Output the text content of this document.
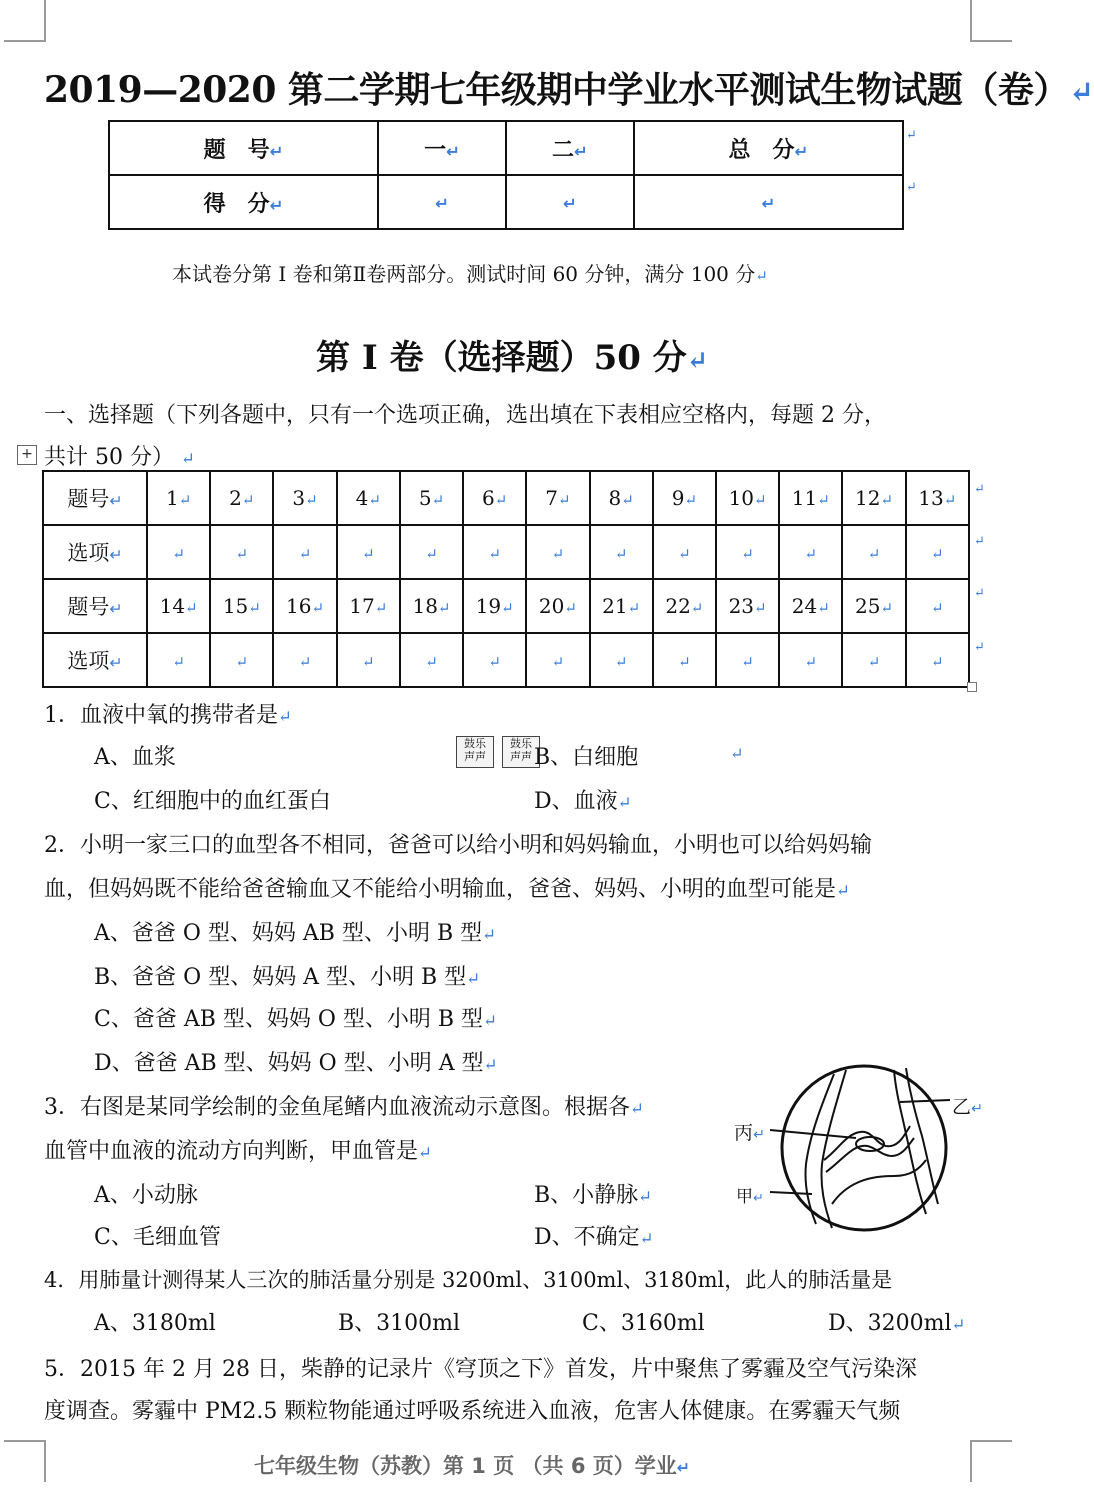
2019—2020 第二学期七年级期中学业水平测试生物试题（卷）↵
题　号↵	一↵	二↵	总　分↵
得　分↵	↵	↵	↵
↵
↵
本试卷分第 I 卷和第Ⅱ卷两部分。测试时间 60 分钟，满分 100 分↵
第 I 卷（选择题）50 分↵
一、选择题（下列各题中，只有一个选项正确，选出填在下表相应空格内，每题 2 分，
+ 共计 50 分） ↵
题号↵	1↵	2↵	3↵	4↵	5↵	6↵	7↵	8↵	9↵	10↵	11↵	12↵	13↵
选项↵	↵	↵	↵	↵	↵	↵	↵	↵	↵	↵	↵	↵	↵
题号↵	14↵	15↵	16↵	17↵	18↵	19↵	20↵	21↵	22↵	23↵	24↵	25↵	↵
选项↵	↵	↵	↵	↵	↵	↵	↵	↵	↵	↵	↵	↵	↵
↵
↵
↵
↵
1．血液中氧的携带者是↵
A、血浆
鼓乐
声声
鼓乐
声声 B、白细胞	↵
C、红细胞中的血红蛋白	D、血液↵
2．小明一家三口的血型各不相同，爸爸可以给小明和妈妈输血，小明也可以给妈妈输
血，但妈妈既不能给爸爸输血又不能给小明输血，爸爸、妈妈、小明的血型可能是↵
A、爸爸 O 型、妈妈 AB 型、小明 B 型↵
B、爸爸 O 型、妈妈 A 型、小明 B 型↵
C、爸爸 AB 型、妈妈 O 型、小明 B 型↵
D、爸爸 AB 型、妈妈 O 型、小明 A 型↵
3．右图是某同学绘制的金鱼尾鳍内血液流动示意图。根据各↵
血管中血液的流动方向判断，甲血管是↵
A、小动脉	B、小静脉↵
C、毛细血管	D、不确定↵
乙↵
丙↵
甲↵
4．用肺量计测得某人三次的肺活量分别是 3200ml、3100ml、3180ml，此人的肺活量是
A、3180ml	B、3100ml	C、3160ml	D、3200ml↵
5．2015 年 2 月 28 日，柴静的记录片《穹顶之下》首发，片中聚焦了雾霾及空气污染深
度调查。雾霾中 PM2.5 颗粒物能通过呼吸系统进入血液，危害人体健康。在雾霾天气频
七年级生物（苏教）第 1 页 （共 6 页）学业↵
